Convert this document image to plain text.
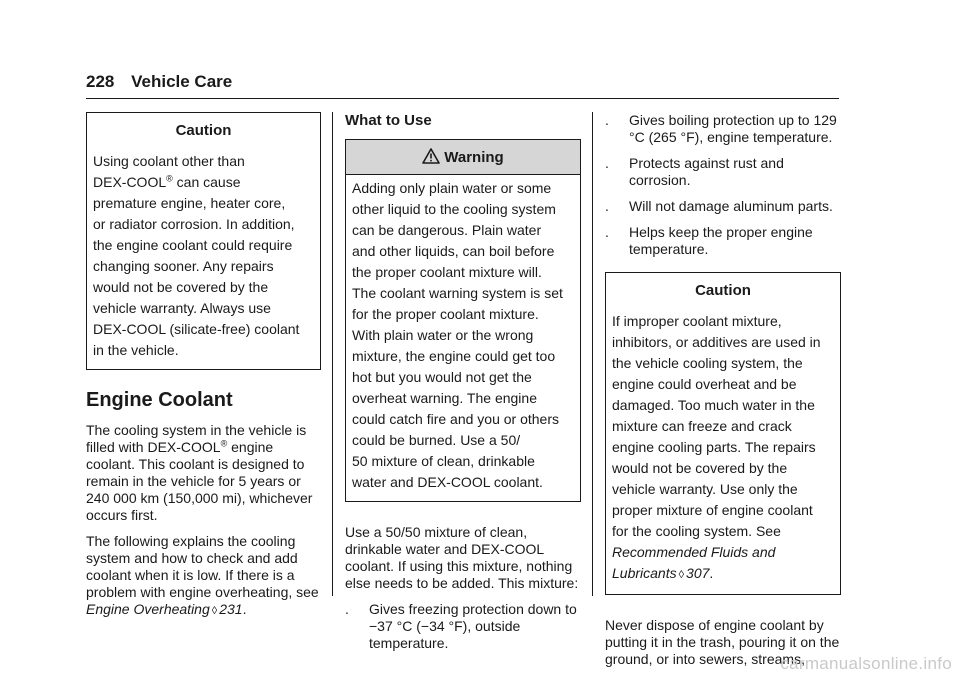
228 Vehicle Care
Caution
Using coolant other than
DEX-COOL® can cause
premature engine, heater core,
or radiator corrosion. In addition,
the engine coolant could require
changing sooner. Any repairs
would not be covered by the
vehicle warranty. Always use
DEX-COOL (silicate-free) coolant
in the vehicle.
Engine Coolant

The cooling system in the vehicle is filled with DEX-COOL® engine coolant. This coolant is designed to remain in the vehicle for 5 years or 240 000 km (150,000 mi), whichever occurs first.

The following explains the cooling system and how to check and add coolant when it is low. If there is a problem with engine overheating, see Engine Overheating ◊ 231.

What to Use
Warning
Adding only plain water or some
other liquid to the cooling system
can be dangerous. Plain water
and other liquids, can boil before
the proper coolant mixture will.
The coolant warning system is set
for the proper coolant mixture.
With plain water or the wrong
mixture, the engine could get too
hot but you would not get the
overheat warning. The engine
could catch fire and you or others
could be burned. Use a 50/
50 mixture of clean, drinkable
water and DEX-COOL coolant.

Use a 50/50 mixture of clean, drinkable water and DEX-COOL coolant. If using this mixture, nothing else needs to be added. This mixture:

. Gives freezing protection down to −37 °C (−34 °F), outside temperature.
. Gives boiling protection up to 129 °C (265 °F), engine temperature.
. Protects against rust and corrosion.
. Will not damage aluminum parts.
. Helps keep the proper engine temperature.
Caution
If improper coolant mixture,
inhibitors, or additives are used in
the vehicle cooling system, the
engine could overheat and be
damaged. Too much water in the
mixture can freeze and crack
engine cooling parts. The repairs
would not be covered by the
vehicle warranty. Use only the
proper mixture of engine coolant
for the cooling system. See
Recommended Fluids and
Lubricants ◊ 307.

Never dispose of engine coolant by putting it in the trash, pouring it on the ground, or into sewers, streams,

carmanualsonline.info
